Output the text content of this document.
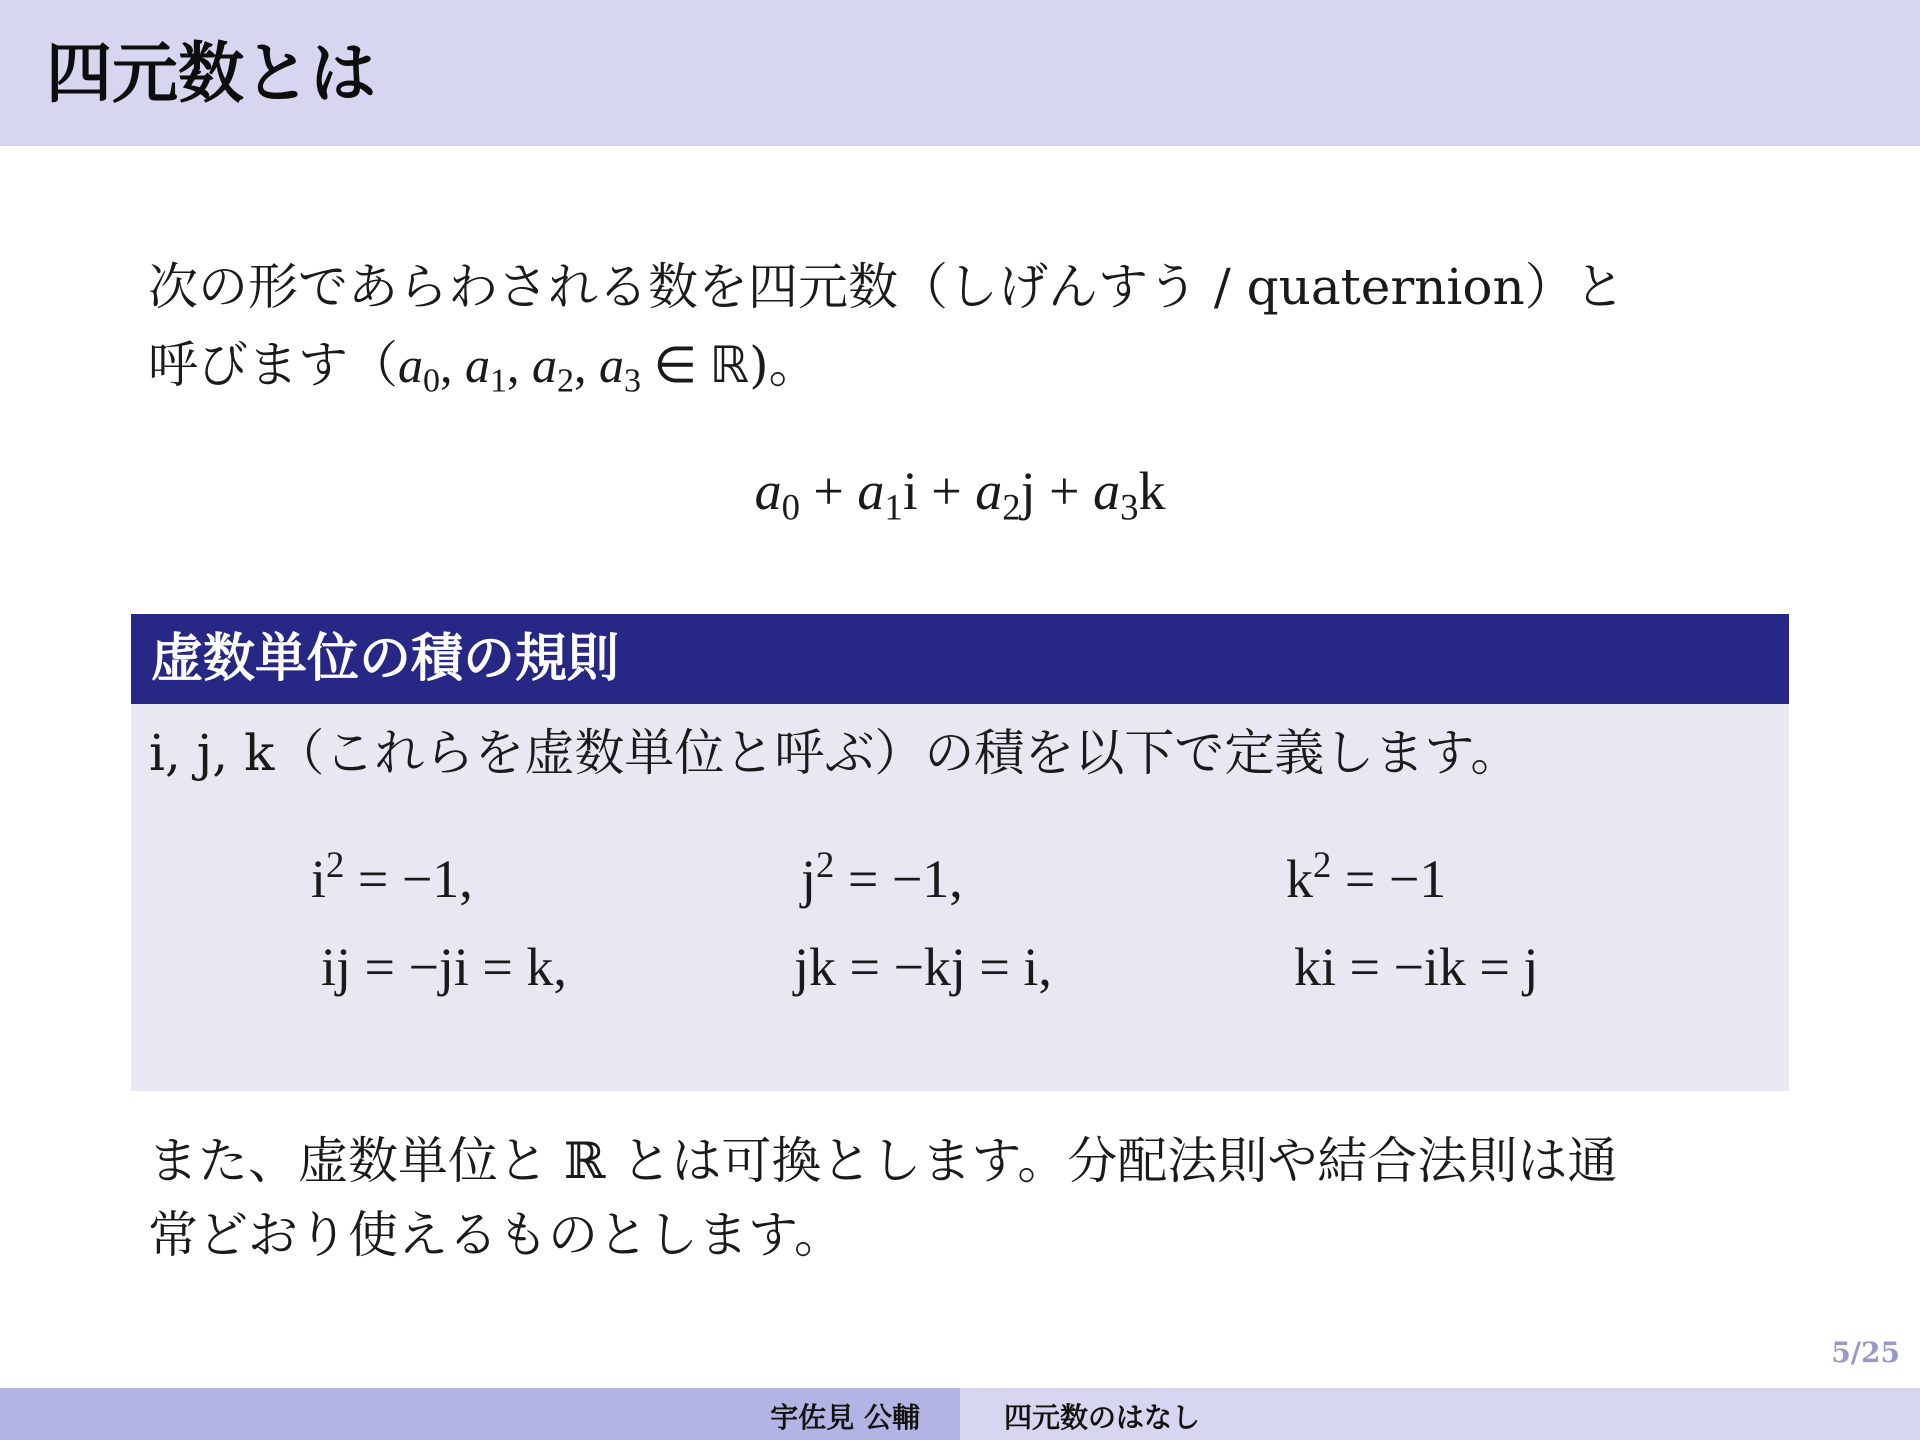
四元数とは

次の形であらわされる数を四元数（しげんすう / quaternion）と

呼びます（$a_0$, $a_1$, $a_2$, $a_3$ ∈ ℝ)。

$a_0 + a_1i + a_2j + a_3k$
虚数単位の積の規則
i, j, k（これらを虚数単位と呼ぶ）の積を以下で定義します。
$i^2 = -1$,	$j^2 = -1$,	$k^2 = -1$
ij = −ji = k,	jk = −kj = i,	ki = −ik = j

また、虚数単位と ℝ とは可換とします。分配法則や結合法則は通

常どおり使えるものとします。

5/25
宇佐見 公輔	四元数のはなし
